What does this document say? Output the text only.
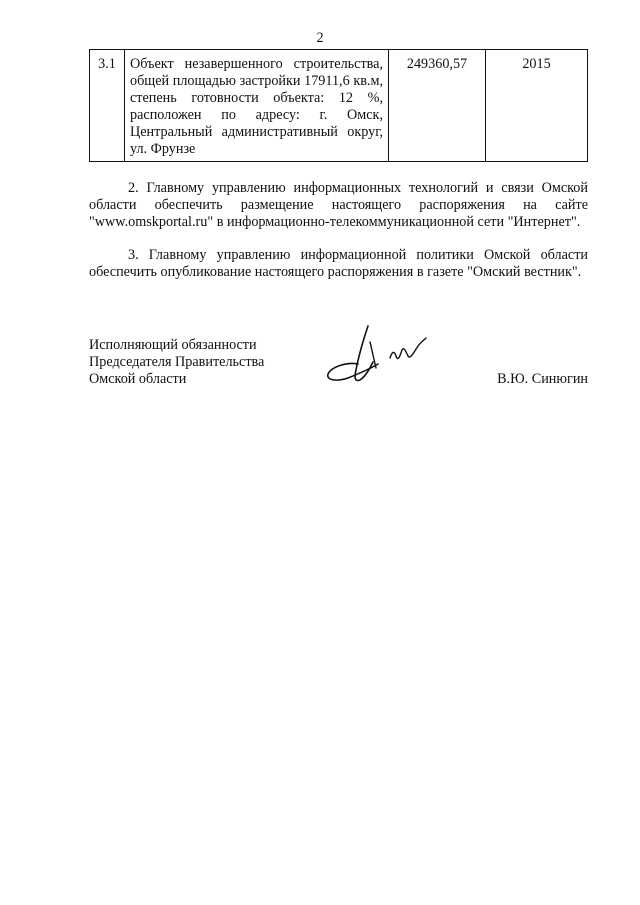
2
3.1	Объект незавершенного строительства, общей площадью застройки 17911,6 кв.м, степень готовности объекта: 12 %, расположен по адресу: г. Омск, Центральный административный округ, ул. Фрунзе	249360,57	2015

2. Главному управлению информационных технологий и связи Омской области обеспечить размещение настоящего распоряжения на сайте "www.omskportal.ru" в информационно-телекоммуникационной сети "Интернет".

3. Главному управлению информационной политики Омской области обеспечить опубликование настоящего распоряжения в газете "Омский вестник".

Исполняющий обязанности
Председателя Правительства
Омской области	В.Ю. Синюгин
